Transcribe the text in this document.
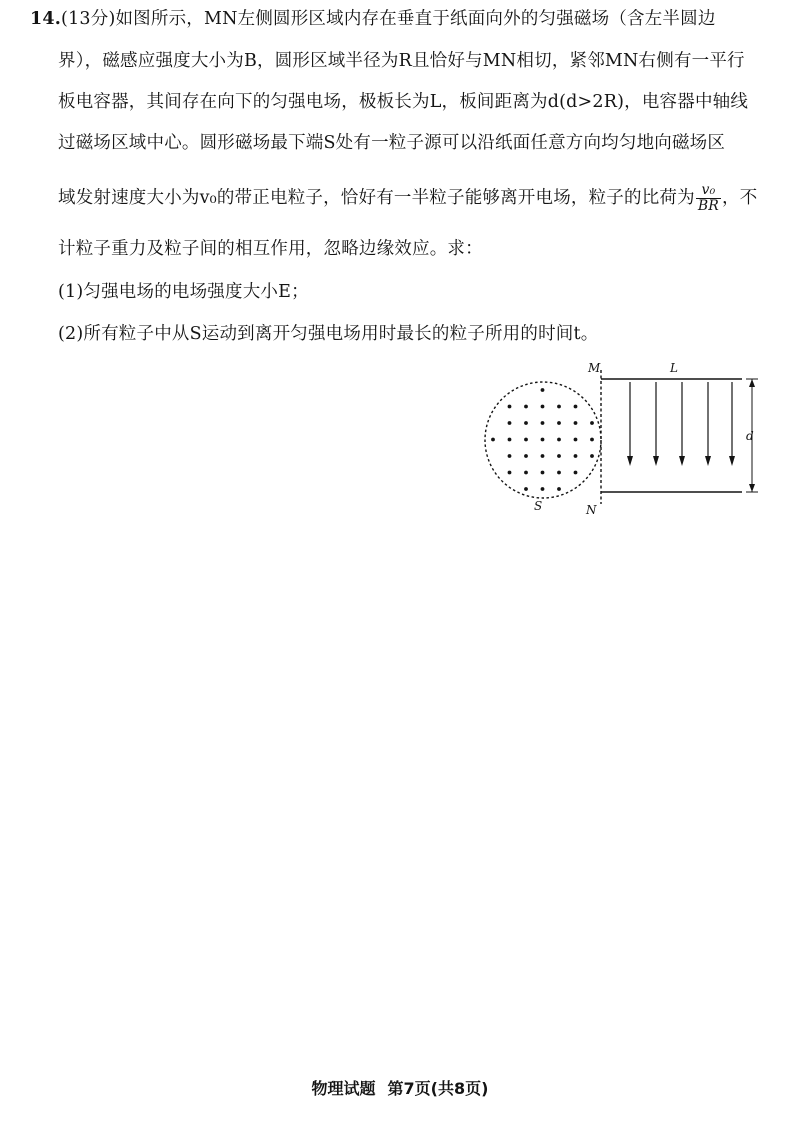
14.(13分)如图所示，MN左侧圆形区域内存在垂直于纸面向外的匀强磁场（含左半圆边
界），磁感应强度大小为B，圆形区域半径为R且恰好与MN相切，紧邻MN右侧有一平行
板电容器，其间存在向下的匀强电场，极板长为L，板间距离为d(d>2R)，电容器中轴线
过磁场区域中心。圆形磁场最下端S处有一粒子源可以沿纸面任意方向均匀地向磁场区
域发射速度大小为v₀的带正电粒子，恰好有一半粒子能够离开电场，粒子的比荷为 $\frac{\text{v₀}}{BR}$ ，不
计粒子重力及粒子间的相互作用，忽略边缘效应。求：
(1)匀强电场的电场强度大小E；
(2)所有粒子中从S运动到离开匀强电场用时最长的粒子所用的时间t。
M
N
L
d
S
物理试题 第7页(共8页)
